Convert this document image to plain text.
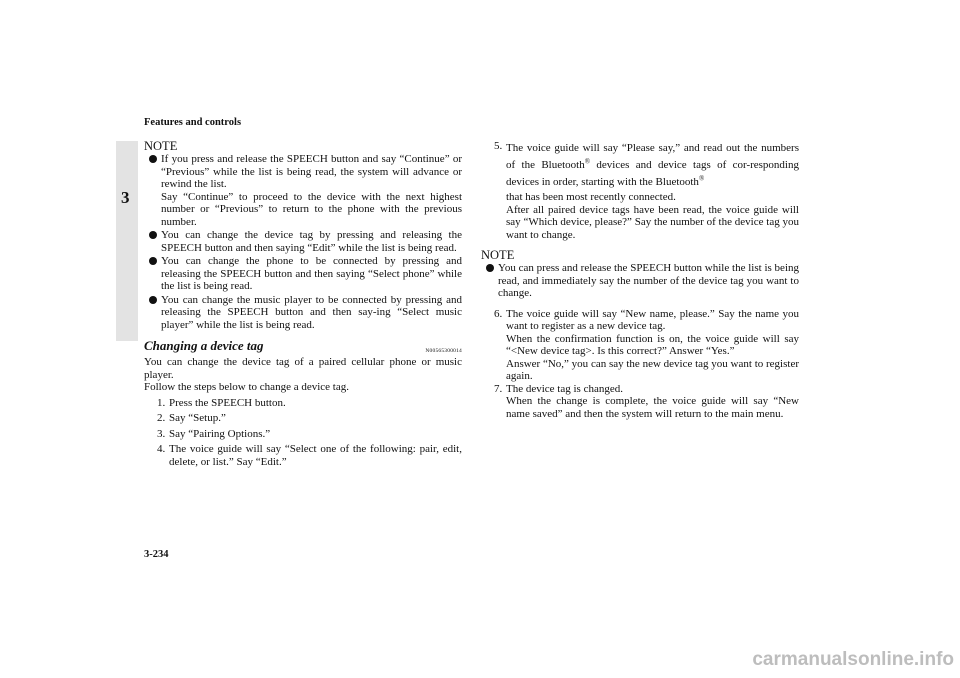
Features and controls
3
NOTE

If you press and release the SPEECH button and say “Continue” or “Previous” while the list is being read, the system will advance or rewind the list.

Say “Continue” to proceed to the device with the next highest number or “Previous” to return to the phone with the previous number.

You can change the device tag by pressing and releasing the SPEECH button and then saying “Edit” while the list is being read.

You can change the phone to be connected by pressing and releasing the SPEECH button and then saying “Select phone” while the list is being read.

You can change the music player to be connected by pressing and releasing the SPEECH button and then say-ing “Select music player” while the list is being read.

Changing a device tag	N00565300014

You can change the device tag of a paired cellular phone or music player.

Follow the steps below to change a device tag.

1. Press the SPEECH button.

2. Say “Setup.”

3. Say “Pairing Options.”

4. The voice guide will say “Select one of the following: pair, edit, delete, or list.” Say “Edit.”

5. The voice guide will say “Please say,” and read out the numbers of the Bluetooth® devices and device tags of cor-responding devices in order, starting with the Bluetooth®

that has been most recently connected.

After all paired device tags have been read, the voice guide will say “Which device, please?” Say the number of the device tag you want to change.

NOTE

You can press and release the SPEECH button while the list is being read, and immediately say the number of the device tag you want to change.

6. The voice guide will say “New name, please.” Say the name you want to register as a new device tag.

When the confirmation function is on, the voice guide will say “<New device tag>. Is this correct?” Answer “Yes.”

Answer “No,” you can say the new device tag you want to register again.

7. The device tag is changed.

When the change is complete, the voice guide will say “New name saved” and then the system will return to the main menu.

3-234
carmanualsonline.info
